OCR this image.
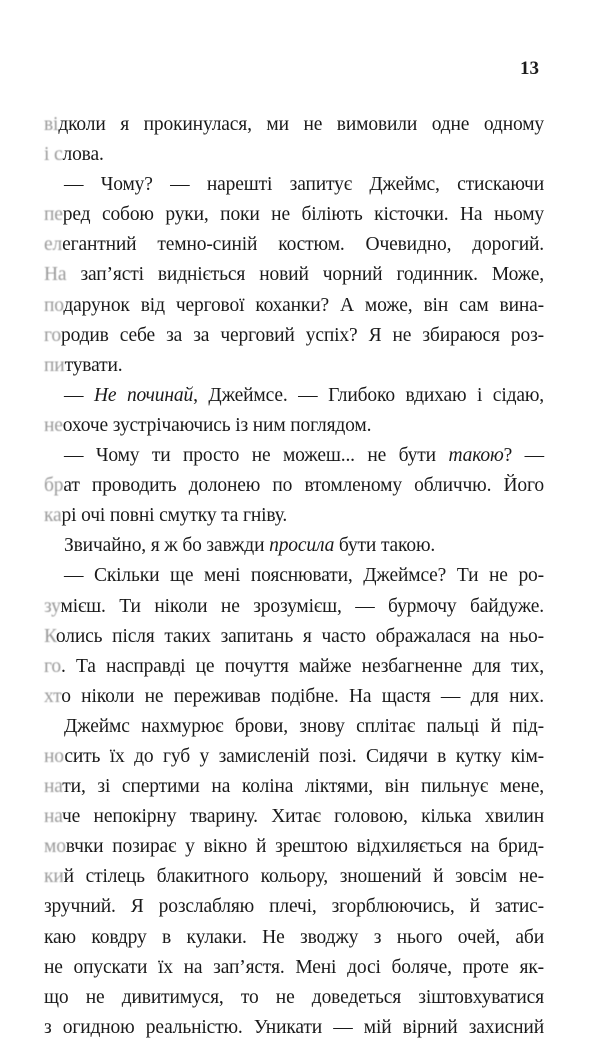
13
відколи я прокинулася, ми не вимовили одне одному
і слова.
— Чому? — нарешті запитує Джеймс, стискаючи
перед собою руки, поки не біліють кісточки. На ньому
елегантний темно-синій костюм. Очевидно, дорогий.
На зап’ясті видніється новий чорний годинник. Може,
подарунок від чергової коханки? А може, він сам вина-
городив себе за за черговий успіх? Я не збираюся роз-
питувати.
— Не починай, Джеймсе. — Глибоко вдихаю і сідаю,
неохоче зустрічаючись із ним поглядом.
— Чому ти просто не можеш... не бути такою? —
брат проводить долонею по втомленому обличчю. Його
карі очі повні смутку та гніву.
Звичайно, я ж бо завжди просила бути такою.
— Скільки ще мені пояснювати, Джеймсе? Ти не ро-
зумієш. Ти ніколи не зрозумієш, — бурмочу байдуже.
Колись після таких запитань я часто ображалася на ньо-
го. Та насправді це почуття майже незбагненне для тих,
хто ніколи не переживав подібне. На щастя — для них.
Джеймс нахмурює брови, знову сплітає пальці й під-
носить їх до губ у замисленій позі. Сидячи в кутку кім-
нати, зі спертими на коліна ліктями, він пильнує мене,
наче непокірну тварину. Хитає головою, кілька хвилин
мовчки позирає у вікно й зрештою відхиляється на брид-
кий стілець блакитного кольору, зношений й зовсім не-
зручний. Я розслабляю плечі, згорблюючись, й затис-
каю ковдру в кулаки. Не зводжу з нього очей, аби
не опускати їх на зап’ястя. Мені досі боляче, проте як-
що не дивитимуся, то не доведеться зіштовхуватися
з огидною реальністю. Уникати — мій вірний захисний
